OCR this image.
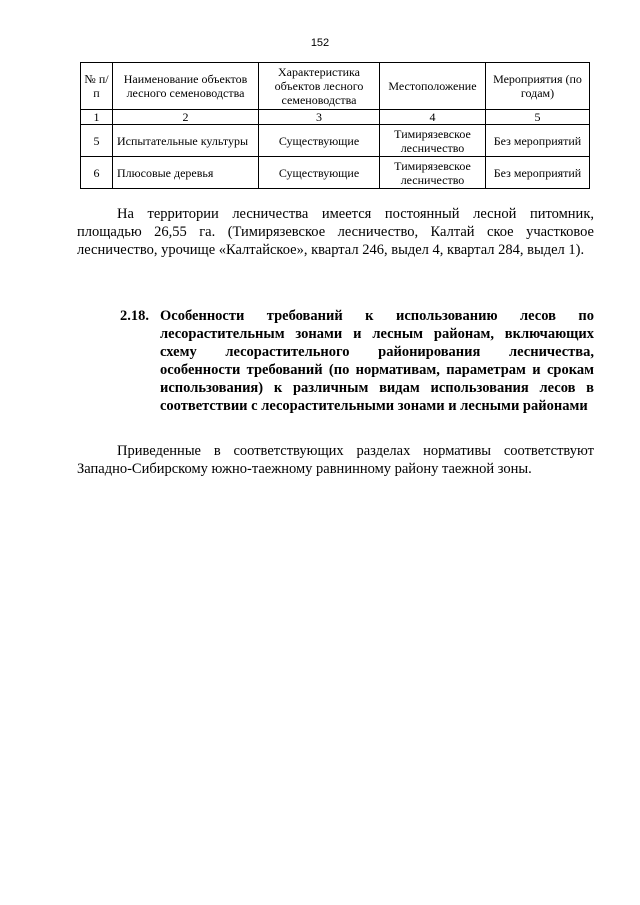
152
№ п/п	Наименование объектов лесного семеноводства	Характеристика объектов лесного семеноводства	Местоположение	Мероприятия (по годам)
1	2	3	4	5
5	Испытательные культуры	Существующие	Тимирязевское лесничество	Без мероприятий
6	Плюсовые деревья	Существующие	Тимирязевское лесничество	Без мероприятий

На территории лесничества имеется постоянный лесной питомник, площадью 26,55 га. (Тимирязевское лесничество, Калтай ское участковое лесничество, урочище «Калтайское», квартал 246, выдел 4, квартал 284, выдел 1).

2.18. Особенности требований к использованию лесов по лесорастительным зонами и лесным районам, включающих схему лесорастительного районирования лесничества, особенности требований (по нормативам, параметрам и срокам использования) к различным видам использования лесов в соответствии с лесорастительными зонами и лесными районами

Приведенные в соответствующих разделах нормативы соответствуют Западно-Сибирскому южно-таежному равнинному району таежной зоны.
